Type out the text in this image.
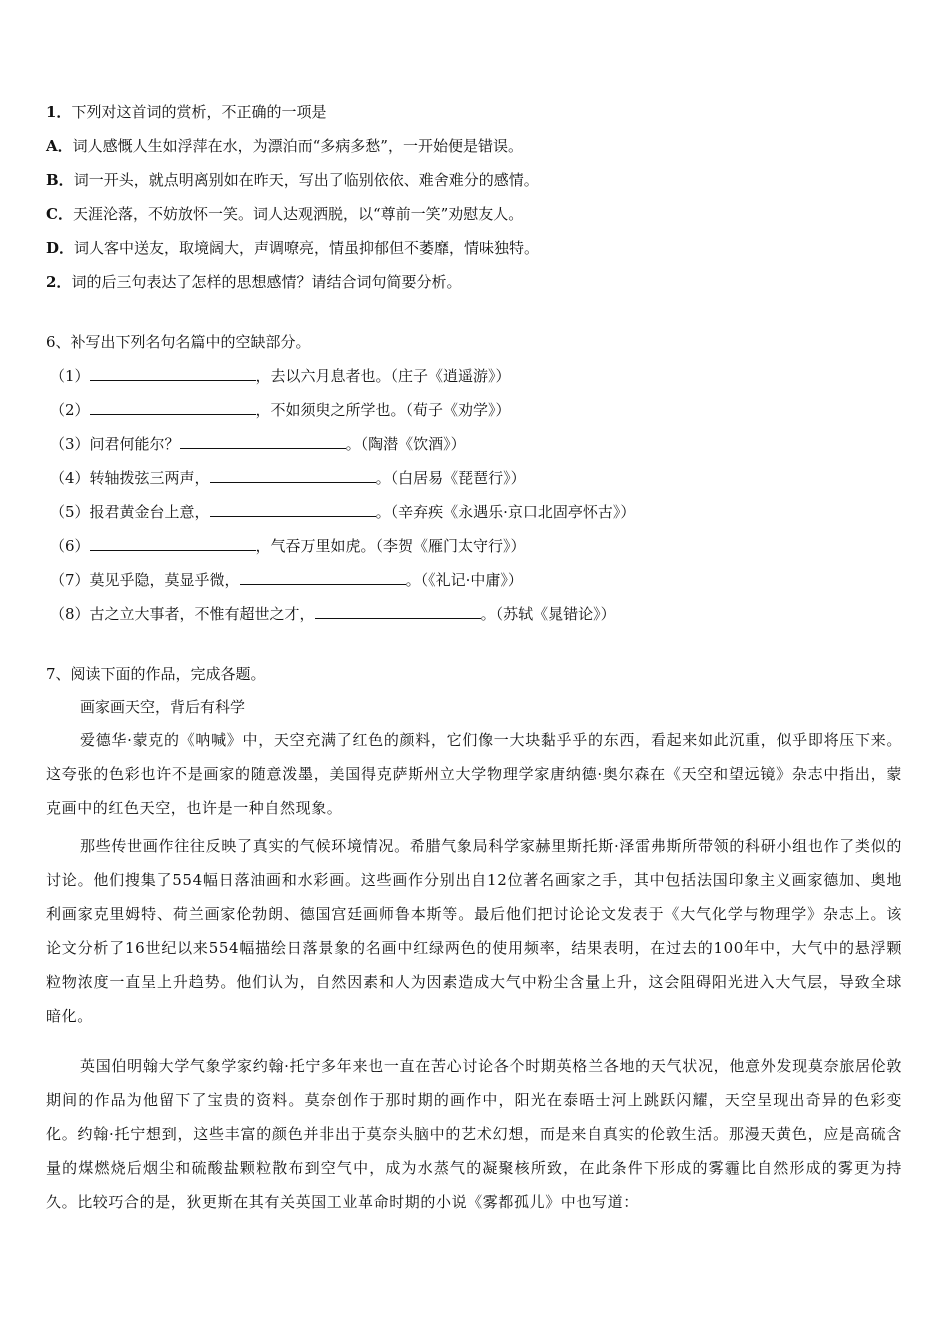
1．下列对这首词的赏析，不正确的一项是
A．词人感慨人生如浮萍在水，为漂泊而“多病多愁”，一开始便是错误。
B．词一开头，就点明离别如在昨天，写出了临别依依、难舍难分的感情。
C．天涯沦落，不妨放怀一笑。词人达观洒脱，以“尊前一笑”劝慰友人。
D．词人客中送友，取境阔大，声调嘹亮，情虽抑郁但不萎靡，情味独特。
2．词的后三句表达了怎样的思想感情？请结合词句简要分析。
6、补写出下列名句名篇中的空缺部分。
（1）	，去以六月息者也。（庄子《逍遥游》）
（2）	，不如须臾之所学也。（荀子《劝学》）
（3）问君何能尔？	。（陶潜《饮酒》）
（4）转轴拨弦三两声，	。（白居易《琵琶行》）
（5）报君黄金台上意，	。（辛弃疾《永遇乐·京口北固亭怀古》）
（6）	，气吞万里如虎。（李贺《雁门太守行》）
（7）莫见乎隐，莫显乎微，	。（《礼记·中庸》）
（8）古之立大事者，不惟有超世之才，	。（苏轼《晁错论》）
7、阅读下面的作品，完成各题。
画家画天空，背后有科学
爱德华·蒙克的《呐喊》中，天空充满了红色的颜料，它们像一大块黏乎乎的东西，看起来如此沉重，似乎即将压下来。这夸张的色彩也许不是画家的随意泼墨，美国得克萨斯州立大学物理学家唐纳德·奥尔森在《天空和望远镜》杂志中指出，蒙克画中的红色天空，也许是一种自然现象。
那些传世画作往往反映了真实的气候环境情况。希腊气象局科学家赫里斯托斯·泽雷弗斯所带领的科研小组也作了类似的讨论。他们搜集了554幅日落油画和水彩画。这些画作分别出自12位著名画家之手，其中包括法国印象主义画家德加、奥地利画家克里姆特、荷兰画家伦勃朗、德国宫廷画师鲁本斯等。最后他们把讨论论文发表于《大气化学与物理学》杂志上。该论文分析了16世纪以来554幅描绘日落景象的名画中红绿两色的使用频率，结果表明，在过去的100年中，大气中的悬浮颗粒物浓度一直呈上升趋势。他们认为，自然因素和人为因素造成大气中粉尘含量上升，这会阻碍阳光进入大气层，导致全球暗化。
英国伯明翰大学气象学家约翰·托宁多年来也一直在苦心讨论各个时期英格兰各地的天气状况，他意外发现莫奈旅居伦敦期间的作品为他留下了宝贵的资料。莫奈创作于那时期的画作中，阳光在泰晤士河上跳跃闪耀，天空呈现出奇异的色彩变化。约翰·托宁想到，这些丰富的颜色并非出于莫奈头脑中的艺术幻想，而是来自真实的伦敦生活。那漫天黄色，应是高硫含量的煤燃烧后烟尘和硫酸盐颗粒散布到空气中，成为水蒸气的凝聚核所致，在此条件下形成的雾霾比自然形成的雾更为持久。比较巧合的是，狄更斯在其有关英国工业革命时期的小说《雾都孤儿》中也写道：
